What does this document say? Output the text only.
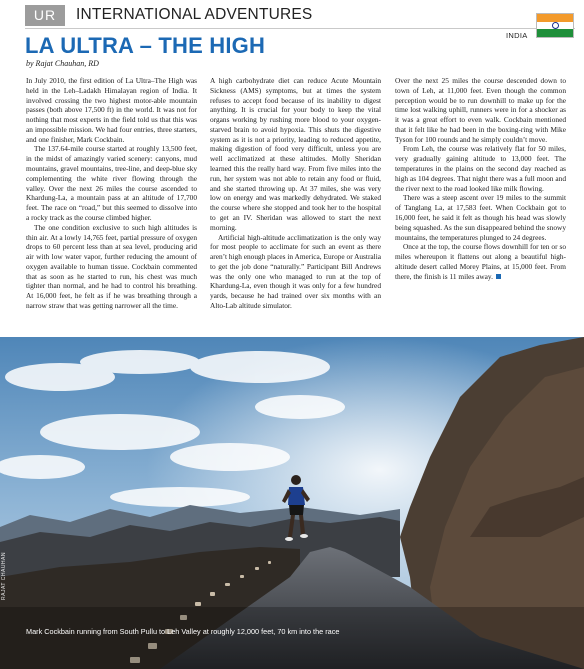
UR	INTERNATIONAL ADVENTURES
INDIA
LA ULTRA – THE HIGH
by Rajat Chauhan, RD

In July 2010, the first edition of La Ultra–The High was held in the Leh–Ladakh Himalayan region of India. It involved crossing the two highest motor-able mountain passes (both above 17,500 ft) in the world. It was not for nothing that most experts in the field told us that this was an impossible mission. We had four entries, three starters, and one finisher, Mark Cockbain.

The 137.64-mile course started at roughly 13,500 feet, in the midst of amazingly varied scenery: canyons, mud mountains, gravel mountains, tree-line, and deep-blue sky complementing the white river flowing through the valley. Over the next 26 miles the course ascended to Khardung-La, a mountain pass at an altitude of 17,700 feet. The race on “road,” but this seemed to dissolve into a rocky track as the course climbed higher.

The one condition exclusive to such high altitudes is thin air. At a lowly 14,765 feet, partial pressure of oxygen drops to 60 percent less than at sea level, producing arid air with low water vapor, further reducing the amount of oxygen available to human tissue. Cockbain commented that as soon as he started to run, his chest was much tighter than normal, and he had to control his breathing. At 16,000 feet, he felt as if he was breathing through a narrow straw that was getting narrower all the time.

A high carbohydrate diet can reduce Acute Mountain Sickness (AMS) symptoms, but at times the system refuses to accept food because of its inability to digest anything. It is crucial for your body to keep the vital organs working by rushing more blood to your oxygen-starved brain to avoid hypoxia. This shuts the digestive system as it is not a priority, leading to reduced appetite, making digestion of food very difficult, unless you are well acclimatized at these altitudes. Molly Sheridan learned this the really hard way. From five miles into the run, her system was not able to retain any food or fluid, and she started throwing up. At 37 miles, she was very low on energy and was markedly dehydrated. We staked the course where she stopped and took her to the hospital to get an IV. Sheridan was allowed to start the next morning.

Artificial high-altitude acclimatization is the only way for most people to acclimate for such an event as there aren’t high enough places in America, Europe or Australia to get the job done “naturally.” Participant Bill Andrews was the only one who managed to run at the top of Khardung-La, even though it was only for a few hundred yards, because he had trained over six months with an Alto-Lab altitude simulator.

Over the next 25 miles the course descended down to town of Leh, at 11,000 feet. Even though the common perception would be to run downhill to make up for the time lost walking uphill, runners were in for a shocker as it was a great effort to even walk. Cockbain mentioned that it felt like he had been in the boxing-ring with Mike Tyson for 100 rounds and he simply couldn’t move.

From Leh, the course was relatively flat for 50 miles, very gradually gaining altitude to 13,000 feet. The temperatures in the plains on the second day reached as high as 104 degrees. That night there was a full moon and the river next to the road looked like milk flowing.

There was a steep ascent over 19 miles to the summit of Tanglang La, at 17,583 feet. When Cockbain got to 16,000 feet, he said it felt as though his head was slowly being squashed. As the sun disappeared behind the snowy mountains, the temperatures plunged to 24 degrees.

Once at the top, the course flows downhill for ten or so miles whereupon it flattens out along a beautiful high-altitude desert called Morey Plains, at 15,000 feet. From there, the finish is 11 miles away.

RAJAT CHAUHAN
Mark Cockbain running from South Pullu to Leh Valley at roughly 12,000 feet, 70 km into the race
